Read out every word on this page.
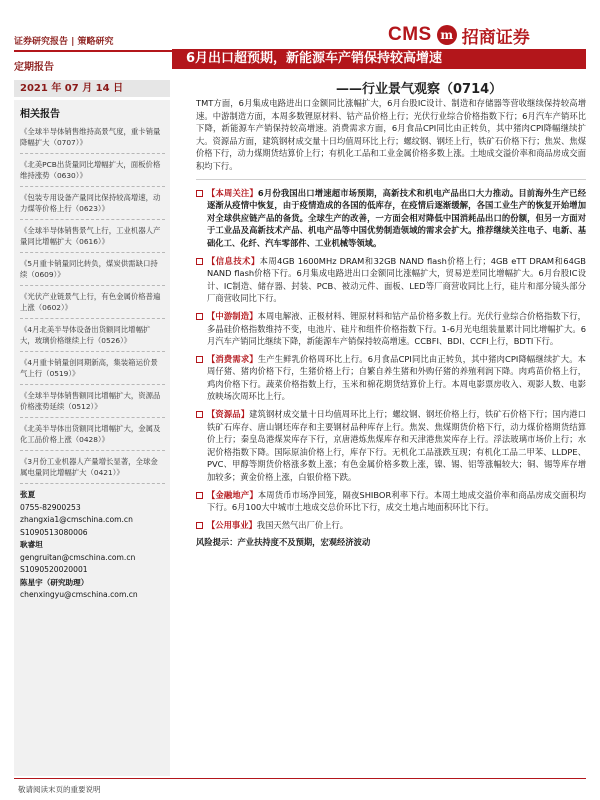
证券研究报告 | 策略研究	CMS m 招商证券
定期报告
6月出口超预期，新能源车产销保持较高增速
——行业景气观察（0714）
2021 年 07 月 14 日
相关报告
《全球半导体销售维持高景气度，重卡销量降幅扩大（0707）》
《北美PCB出货量同比增幅扩大，面板价格维持涨势（0630）》
《包装专用设备产量同比保持较高增速，动力煤等价格上行（0623）》
《全球半导体销售景气上行，工业机器人产量同比增幅扩大（0616）》
《5月重卡销量同比转负，煤炭供需缺口持续（0609）》
《光伏产业链景气上行，有色金属价格普遍上涨（0602）》
《4月北美半导体设备出货额同比增幅扩大，玻璃价格继续上行（0526）》
《4月重卡销量创同期新高，集装箱运价景气上行（0519）》
《全球半导体销售额同比增幅扩大，资源品价格涨势延续（0512）》
《北美半导体出货额同比增幅扩大，金属及化工品价格上涨（0428）》
《3月份工业机器人产量增长显著，全球金属电量同比增幅扩大（0421）》
张夏
0755-82900253
zhangxia1@cmschina.com.cn
S1090513080006
耿睿坦
gengruitan@cmschina.com.cn
S1090520020001
陈星宇（研究助理）
chenxingyu@cmschina.com.cn
TMT方面，6月集成电路进出口金额同比涨幅扩大，6月台股IC设计、制造和存储器等营收继续保持较高增速。中游制造方面，本周多数锂原材料、钴产品价格上行；光伏行业综合价格指数下行；6月汽车产销环比下降，新能源车产销保持较高增速。消费需求方面，6月食品CPI同比由正转负，其中猪肉CPI降幅继续扩大。资源品方面，建筑钢材成交量十日均值周环比上行；螺纹钢、钢坯上行，铁矿石价格下行；焦炭、焦煤价格下行，动力煤期货结算价上行；有机化工品和工业金属价格多数上涨。土地成交溢价率和商品房成交面积均下行。
【本周关注】6月份我国出口增速超市场预期，高新技术和机电产品出口大力推动。目前海外生产已经逐渐从疫情中恢复，由于疫情造成的各国的低库存，在疫情后逐渐缓解，各国工业生产的恢复开始增加对全球供应链产品的备货。全球生产的改善，一方面会相对降低中国消耗品出口的份额，但另一方面对于工业品及高新技术产品、机电产品等中国优势制造领域的需求会扩大。推荐继续关注电子、电新、基础化工、化纤、汽车零部件、工业机械等领域。
【信息技术】本周4GB 1600MHz DRAM和32GB NAND flash价格上行；4GB eTT DRAM和64GB NAND flash价格下行。6月集成电路进出口金额同比涨幅扩大，贸易逆差同比增幅扩大。6月台股IC设计、IC制造、储存器、封装、PCB、被动元件、面板、LED等厂商营收同比上行，硅片和部分镜头部分厂商营收同比下行。
【中游制造】本周电解液、正极材料、锂原材料和钴产品价格多数上行。光伏行业综合价格指数下行，多晶硅价格指数维持不变，电池片、硅片和组件价格指数下行。1-6月光电组装量累计同比增幅扩大。6月汽车产销同比继续下降，新能源车产销保持较高增速。CCBFI、BDI、CCFI上行，BDTI下行。
【消费需求】生产生鲜乳价格周环比上行。6月食品CPI同比由正转负，其中猪肉CPI降幅继续扩大。本周仔猪、猪肉价格下行，生猪价格上行；自繁自养生猪和外购仔猪的养殖利润下降。肉鸡苗价格上行，鸡肉价格下行。蔬菜价格指数上行，玉米和棉花期货结算价上行。本周电影票房收入、观影人数、电影放映场次周环比上行。
【资源品】建筑钢材成交量十日均值周环比上行；螺纹钢、钢坯价格上行，铁矿石价格下行；国内港口铁矿石库存、唐山钢坯库存和主要钢材品种库存上行。焦炭、焦煤期货价格下行，动力煤价格期货结算价上行；秦皇岛港煤炭库存下行，京唐港炼焦煤库存和天津港焦炭库存上行。浮法玻璃市场价上行；水泥价格指数下降。国际原油价格上行，库存下行。无机化工品涨跌互现；有机化工品二甲苯、LLDPE、PVC、甲醇等期货价格涨多数上涨；有色金属价格多数上涨，镍、锡、铝等涨幅较大；铜、锡等库存增加较多；黄金价格上涨，白银价格下跌。
【金融地产】本周货币市场净回笼，隔夜SHIBOR利率下行。本周土地成交溢价率和商品房成交面积均下行。6月100大中城市土地成交总价环比下行，成交土地占地面积环比下行。
【公用事业】我国天然气出厂价上行。
风险提示：产业扶持度不及预期，宏观经济波动
敬请阅读末页的重要说明
